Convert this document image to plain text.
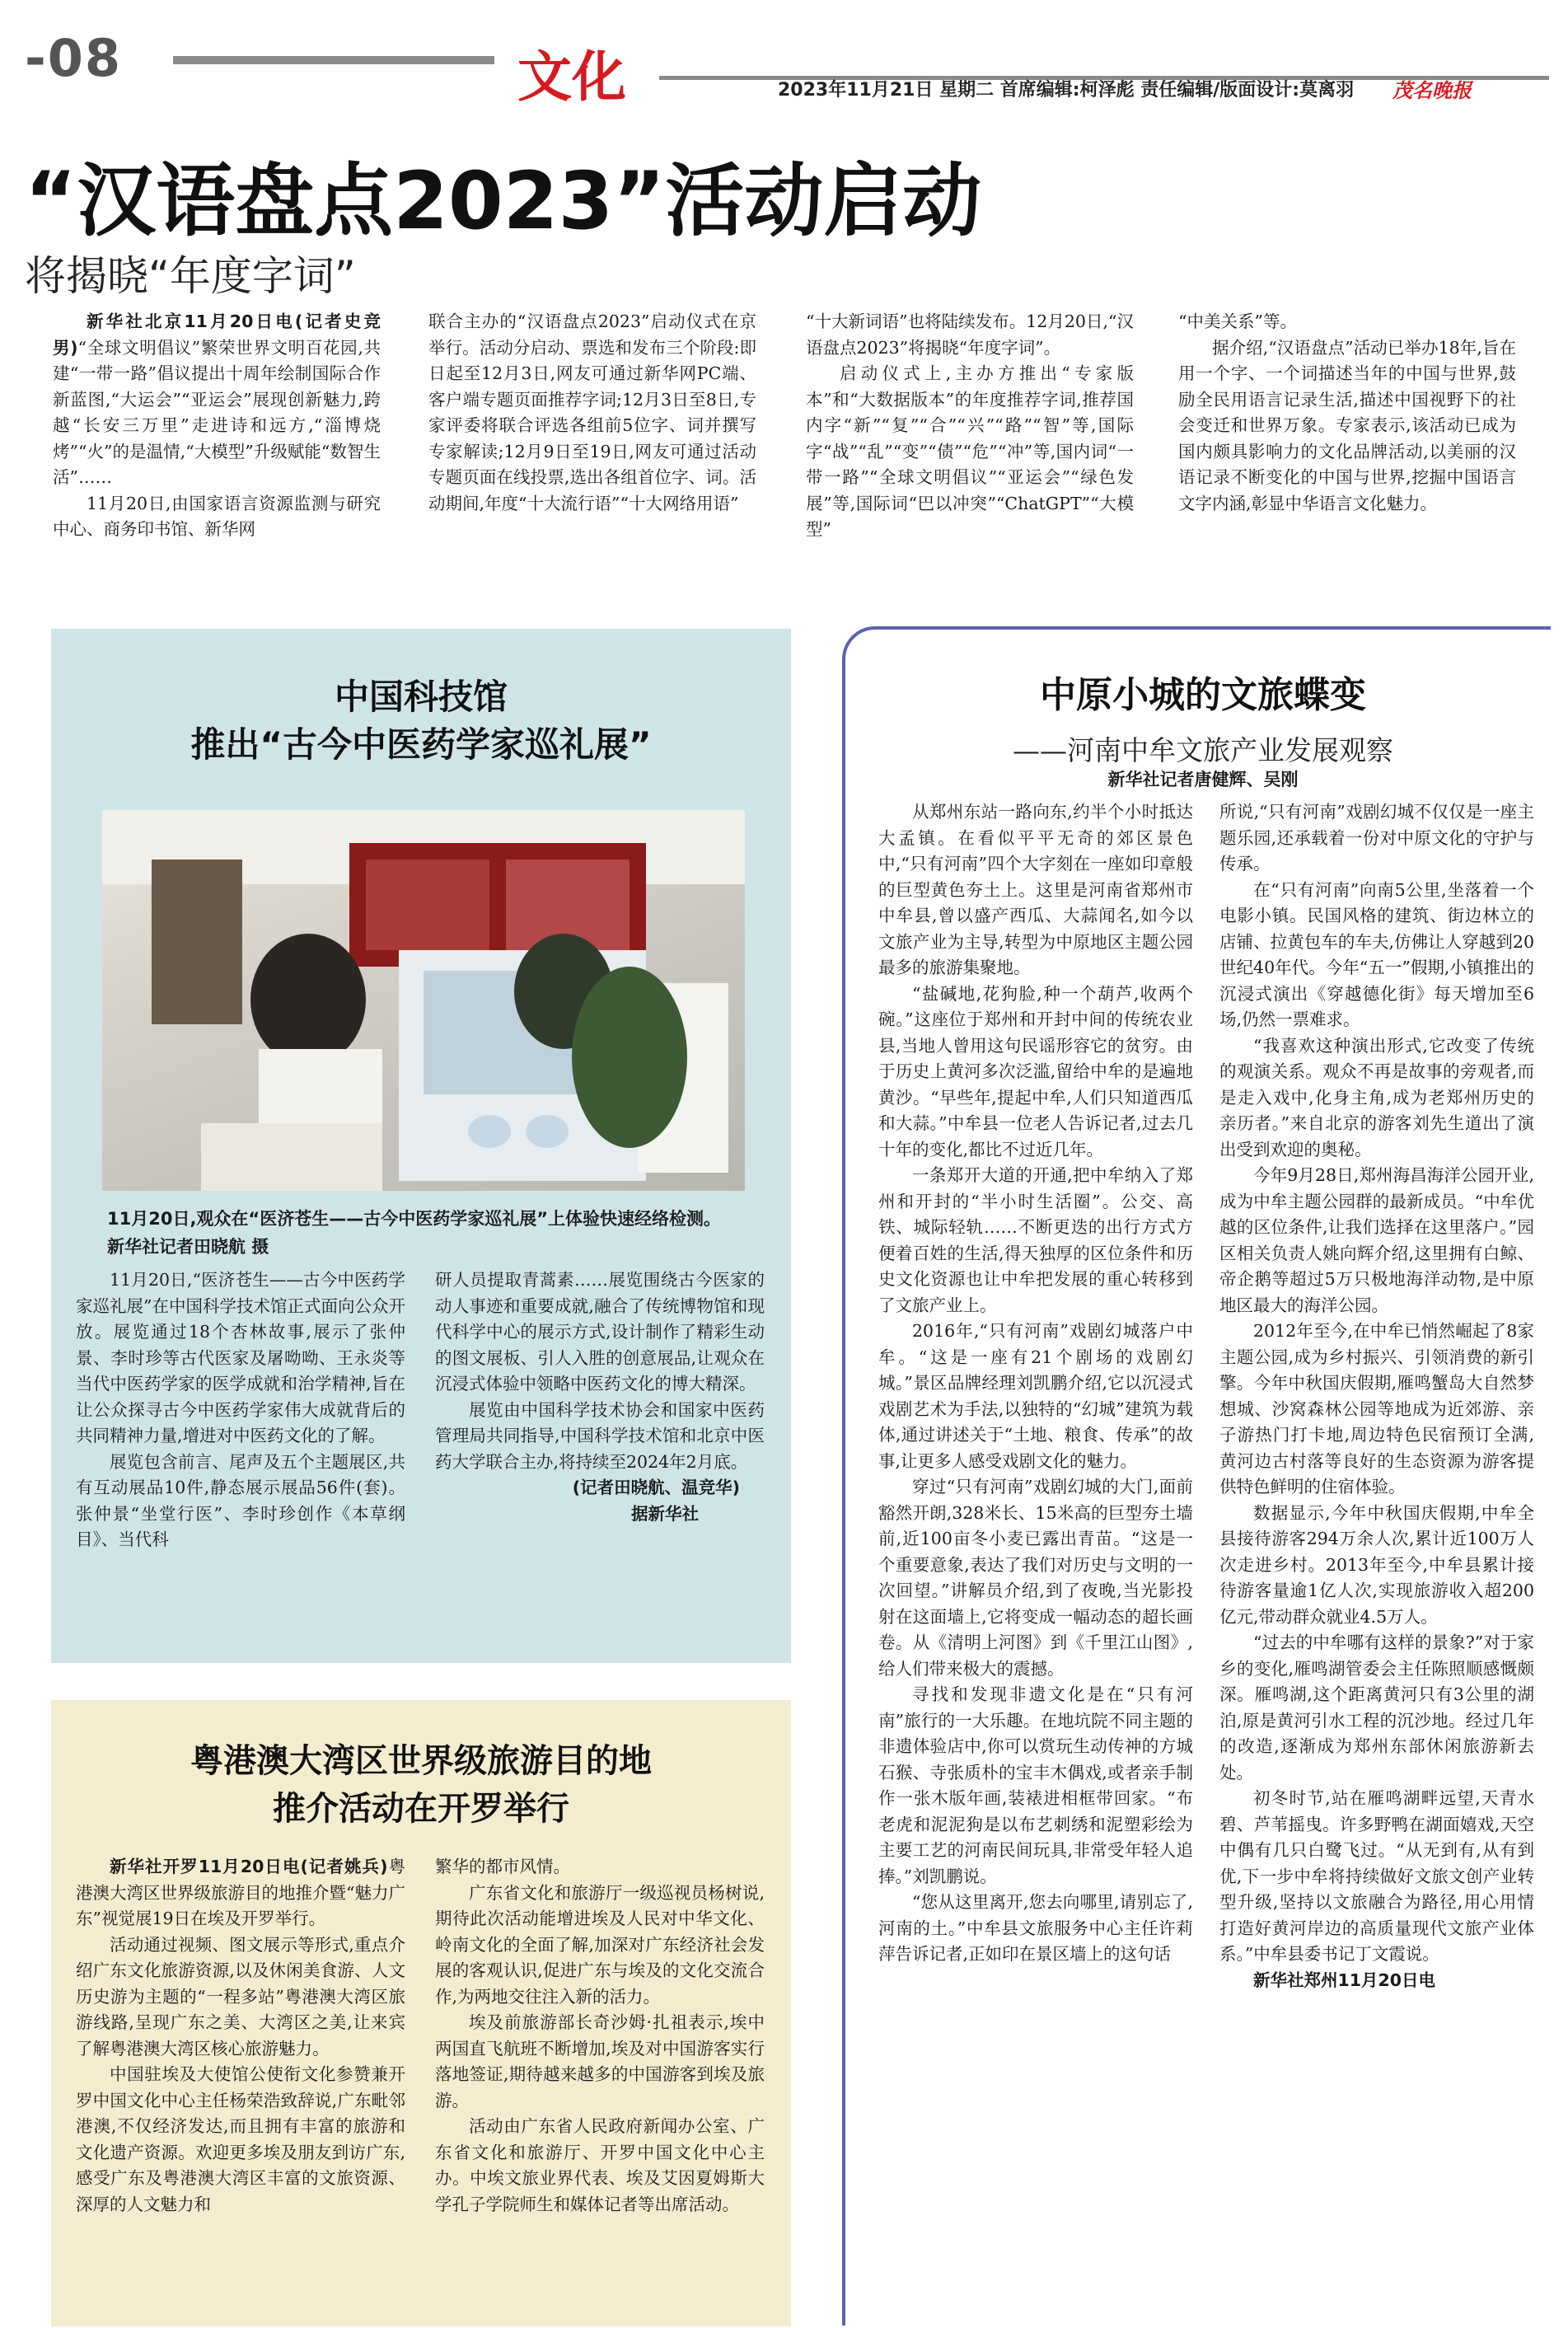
-08	文化	2023年11月21日 星期二 首席编辑:柯泽彪 责任编辑/版面设计:莫离羽 茂名晚报
“汉语盘点2023”活动启动
将揭晓“年度字词”

新华社北京11月20日电(记者史竞男)“全球文明倡议”繁荣世界文明百花园,共建“一带一路”倡议提出十周年绘制国际合作新蓝图,“大运会”“亚运会”展现创新魅力,跨越“长安三万里”走进诗和远方,“淄博烧烤”“火”的是温情,“大模型”升级赋能“数智生活”……

11月20日,由国家语言资源监测与研究中心、商务印书馆、新华网

联合主办的“汉语盘点2023”启动仪式在京举行。活动分启动、票选和发布三个阶段:即日起至12月3日,网友可通过新华网PC端、客户端专题页面推荐字词;12月3日至8日,专家评委将联合评选各组前5位字、词并撰写专家解读;12月9日至19日,网友可通过活动专题页面在线投票,选出各组首位字、词。活动期间,年度“十大流行语”“十大网络用语”

“十大新词语”也将陆续发布。12月20日,“汉语盘点2023”将揭晓“年度字词”。

启动仪式上,主办方推出“专家版本”和“大数据版本”的年度推荐字词,推荐国内字“新”“复”“合”“兴”“路”“智”等,国际字“战”“乱”“变”“债”“危”“冲”等,国内词“一带一路”“全球文明倡议”“亚运会”“绿色发展”等,国际词“巴以冲突”“ChatGPT”“大模型”

“中美关系”等。

据介绍,“汉语盘点”活动已举办18年,旨在用一个字、一个词描述当年的中国与世界,鼓励全民用语言记录生活,描述中国视野下的社会变迁和世界万象。专家表示,该活动已成为国内颇具影响力的文化品牌活动,以美丽的汉语记录不断变化的中国与世界,挖掘中国语言文字内涵,彰显中华语言文化魅力。

中国科技馆
推出“古今中医药学家巡礼展”
11月20日,观众在“医济苍生——古今中医药学家巡礼展”上体验快速经络检测。新华社记者田晓航 摄

11月20日,“医济苍生——古今中医药学家巡礼展”在中国科学技术馆正式面向公众开放。展览通过18个杏林故事,展示了张仲景、李时珍等古代医家及屠呦呦、王永炎等当代中医药学家的医学成就和治学精神,旨在让公众探寻古今中医药学家伟大成就背后的共同精神力量,增进对中医药文化的了解。

展览包含前言、尾声及五个主题展区,共有互动展品10件,静态展示展品56件(套)。张仲景“坐堂行医”、李时珍创作《本草纲目》、当代科

研人员提取青蒿素……展览围绕古今医家的动人事迹和重要成就,融合了传统博物馆和现代科学中心的展示方式,设计制作了精彩生动的图文展板、引人入胜的创意展品,让观众在沉浸式体验中领略中医药文化的博大精深。

展览由中国科学技术协会和国家中医药管理局共同指导,中国科学技术馆和北京中医药大学联合主办,将持续至2024年2月底。

(记者田晓航、温竞华)
据新华社
粤港澳大湾区世界级旅游目的地
推介活动在开罗举行

新华社开罗11月20日电(记者姚兵)粤港澳大湾区世界级旅游目的地推介暨“魅力广东”视觉展19日在埃及开罗举行。

活动通过视频、图文展示等形式,重点介绍广东文化旅游资源,以及休闲美食游、人文历史游为主题的“一程多站”粤港澳大湾区旅游线路,呈现广东之美、大湾区之美,让来宾了解粤港澳大湾区核心旅游魅力。

中国驻埃及大使馆公使衔文化参赞兼开罗中国文化中心主任杨荣浩致辞说,广东毗邻港澳,不仅经济发达,而且拥有丰富的旅游和文化遗产资源。欢迎更多埃及朋友到访广东,感受广东及粤港澳大湾区丰富的文旅资源、深厚的人文魅力和

繁华的都市风情。

广东省文化和旅游厅一级巡视员杨树说,期待此次活动能增进埃及人民对中华文化、岭南文化的全面了解,加深对广东经济社会发展的客观认识,促进广东与埃及的文化交流合作,为两地交往注入新的活力。

埃及前旅游部长奇沙姆·扎祖表示,埃中两国直飞航班不断增加,埃及对中国游客实行落地签证,期待越来越多的中国游客到埃及旅游。

活动由广东省人民政府新闻办公室、广东省文化和旅游厅、开罗中国文化中心主办。中埃文旅业界代表、埃及艾因夏姆斯大学孔子学院师生和媒体记者等出席活动。

中原小城的文旅蝶变
——河南中牟文旅产业发展观察
新华社记者唐健辉、吴刚

从郑州东站一路向东,约半个小时抵达大孟镇。在看似平平无奇的郊区景色中,“只有河南”四个大字刻在一座如印章般的巨型黄色夯土上。这里是河南省郑州市中牟县,曾以盛产西瓜、大蒜闻名,如今以文旅产业为主导,转型为中原地区主题公园最多的旅游集聚地。

“盐碱地,花狗脸,种一个葫芦,收两个碗。”这座位于郑州和开封中间的传统农业县,当地人曾用这句民谣形容它的贫穷。由于历史上黄河多次泛滥,留给中牟的是遍地黄沙。“早些年,提起中牟,人们只知道西瓜和大蒜。”中牟县一位老人告诉记者,过去几十年的变化,都比不过近几年。

一条郑开大道的开通,把中牟纳入了郑州和开封的“半小时生活圈”。公交、高铁、城际轻轨……不断更迭的出行方式方便着百姓的生活,得天独厚的区位条件和历史文化资源也让中牟把发展的重心转移到了文旅产业上。

2016年,“只有河南”戏剧幻城落户中牟。“这是一座有21个剧场的戏剧幻城。”景区品牌经理刘凯鹏介绍,它以沉浸式戏剧艺术为手法,以独特的“幻城”建筑为载体,通过讲述关于“土地、粮食、传承”的故事,让更多人感受戏剧文化的魅力。

穿过“只有河南”戏剧幻城的大门,面前豁然开朗,328米长、15米高的巨型夯土墙前,近100亩冬小麦已露出青苗。“这是一个重要意象,表达了我们对历史与文明的一次回望。”讲解员介绍,到了夜晚,当光影投射在这面墙上,它将变成一幅动态的超长画卷。从《清明上河图》到《千里江山图》,给人们带来极大的震撼。

寻找和发现非遗文化是在“只有河南”旅行的一大乐趣。在地坑院不同主题的非遗体验店中,你可以赏玩生动传神的方城石猴、寺张质朴的宝丰木偶戏,或者亲手制作一张木版年画,装裱进相框带回家。“布老虎和泥泥狗是以布艺刺绣和泥塑彩绘为主要工艺的河南民间玩具,非常受年轻人追捧。”刘凯鹏说。

“您从这里离开,您去向哪里,请别忘了,河南的土。”中牟县文旅服务中心主任许莉萍告诉记者,正如印在景区墙上的这句话

所说,“只有河南”戏剧幻城不仅仅是一座主题乐园,还承载着一份对中原文化的守护与传承。

在“只有河南”向南5公里,坐落着一个电影小镇。民国风格的建筑、街边林立的店铺、拉黄包车的车夫,仿佛让人穿越到20世纪40年代。今年“五一”假期,小镇推出的沉浸式演出《穿越德化街》每天增加至6场,仍然一票难求。

“我喜欢这种演出形式,它改变了传统的观演关系。观众不再是故事的旁观者,而是走入戏中,化身主角,成为老郑州历史的亲历者。”来自北京的游客刘先生道出了演出受到欢迎的奥秘。

今年9月28日,郑州海昌海洋公园开业,成为中牟主题公园群的最新成员。“中牟优越的区位条件,让我们选择在这里落户。”园区相关负责人姚向辉介绍,这里拥有白鲸、帝企鹅等超过5万只极地海洋动物,是中原地区最大的海洋公园。

2012年至今,在中牟已悄然崛起了8家主题公园,成为乡村振兴、引领消费的新引擎。今年中秋国庆假期,雁鸣蟹岛大自然梦想城、沙窝森林公园等地成为近郊游、亲子游热门打卡地,周边特色民宿预订全满,黄河边古村落等良好的生态资源为游客提供特色鲜明的住宿体验。

数据显示,今年中秋国庆假期,中牟全县接待游客294万余人次,累计近100万人次走进乡村。2013年至今,中牟县累计接待游客量逾1亿人次,实现旅游收入超200亿元,带动群众就业4.5万人。

“过去的中牟哪有这样的景象?”对于家乡的变化,雁鸣湖管委会主任陈照顺感慨颇深。雁鸣湖,这个距离黄河只有3公里的湖泊,原是黄河引水工程的沉沙地。经过几年的改造,逐渐成为郑州东部休闲旅游新去处。

初冬时节,站在雁鸣湖畔远望,天青水碧、芦苇摇曳。许多野鸭在湖面嬉戏,天空中偶有几只白鹭飞过。“从无到有,从有到优,下一步中牟将持续做好文旅文创产业转型升级,坚持以文旅融合为路径,用心用情打造好黄河岸边的高质量现代文旅产业体系。”中牟县委书记丁文霞说。

新华社郑州11月20日电
